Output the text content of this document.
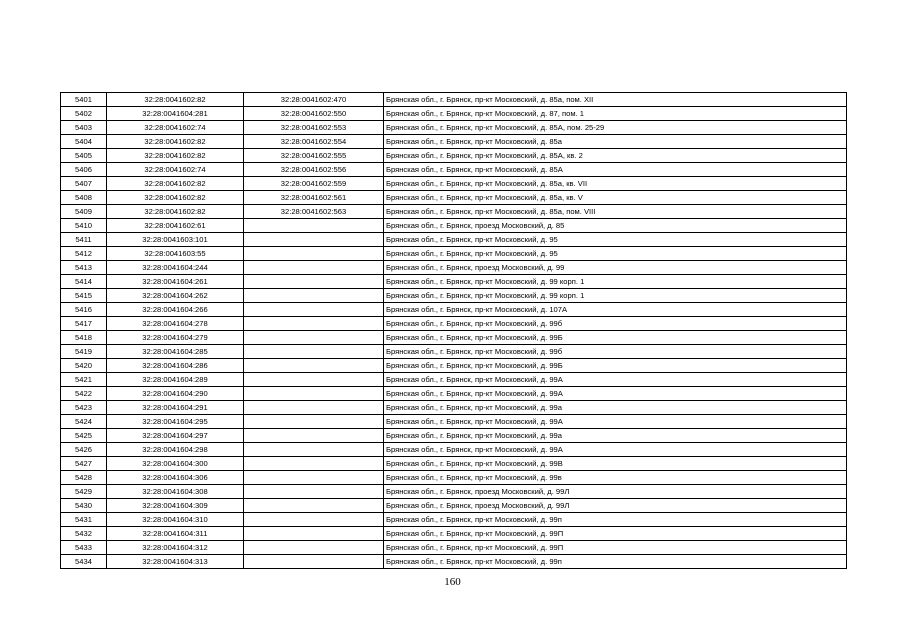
5401	32:28:0041602:82	32:28:0041602:470	Брянская обл., г. Брянск, пр-кт Московский, д. 85а, пом. XII
5402	32:28:0041604:281	32:28:0041602:550	Брянская обл., г. Брянск, пр-кт Московский, д. 87, пом. 1
5403	32:28:0041602:74	32:28:0041602:553	Брянская обл., г. Брянск, пр-кт Московский, д. 85А, пом. 25-29
5404	32:28:0041602:82	32:28:0041602:554	Брянская обл., г. Брянск, пр-кт Московский, д. 85а
5405	32:28:0041602:82	32:28:0041602:555	Брянская обл., г. Брянск, пр-кт Московский, д. 85А, кв. 2
5406	32:28:0041602:74	32:28:0041602:556	Брянская обл., г. Брянск, пр-кт Московский, д. 85А
5407	32:28:0041602:82	32:28:0041602:559	Брянская обл., г. Брянск, пр-кт Московский, д. 85а, кв. VII
5408	32:28:0041602:82	32:28:0041602:561	Брянская обл., г. Брянск, пр-кт Московский, д. 85а, кв. V
5409	32:28:0041602:82	32:28:0041602:563	Брянская обл., г. Брянск, пр-кт Московский, д. 85а, пом. VIII
5410	32:28:0041602:61		Брянская обл., г. Брянск, проезд Московский, д. 85
5411	32:28:0041603:101		Брянская обл., г. Брянск, пр-кт Московский, д. 95
5412	32:28:0041603:55		Брянская обл., г. Брянск, пр-кт Московский, д. 95
5413	32:28:0041604:244		Брянская обл., г. Брянск, проезд Московский, д. 99
5414	32:28:0041604:261		Брянская обл., г. Брянск, пр-кт Московский, д. 99 корп. 1
5415	32:28:0041604:262		Брянская обл., г. Брянск, пр-кт Московский, д. 99 корп. 1
5416	32:28:0041604:266		Брянская обл., г. Брянск, пр-кт Московский, д. 107А
5417	32:28:0041604:278		Брянская обл., г. Брянск, пр-кт Московский, д. 99б
5418	32:28:0041604:279		Брянская обл., г. Брянск, пр-кт Московский, д. 99Б
5419	32:28:0041604:285		Брянская обл., г. Брянск, пр-кт Московский, д. 99б
5420	32:28:0041604:286		Брянская обл., г. Брянск, пр-кт Московский, д. 99Б
5421	32:28:0041604:289		Брянская обл., г. Брянск, пр-кт Московский, д. 99А
5422	32:28:0041604:290		Брянская обл., г. Брянск, пр-кт Московский, д. 99А
5423	32:28:0041604:291		Брянская обл., г. Брянск, пр-кт Московский, д. 99а
5424	32:28:0041604:295		Брянская обл., г. Брянск, пр-кт Московский, д. 99А
5425	32:28:0041604:297		Брянская обл., г. Брянск, пр-кт Московский, д. 99а
5426	32:28:0041604:298		Брянская обл., г. Брянск, пр-кт Московский, д. 99А
5427	32:28:0041604:300		Брянская обл., г. Брянск, пр-кт Московский, д. 99В
5428	32:28:0041604:306		Брянская обл., г. Брянск, пр-кт Московский, д. 99в
5429	32:28:0041604:308		Брянская обл., г. Брянск, проезд Московский, д. 99Л
5430	32:28:0041604:309		Брянская обл., г. Брянск, проезд Московский, д. 99Л
5431	32:28:0041604:310		Брянская обл., г. Брянск, пр-кт Московский, д. 99п
5432	32:28:0041604:311		Брянская обл., г. Брянск, пр-кт Московский, д. 99П
5433	32:28:0041604:312		Брянская обл., г. Брянск, пр-кт Московский, д. 99П
5434	32:28:0041604:313		Брянская обл., г. Брянск, пр-кт Московский, д. 99п
160
